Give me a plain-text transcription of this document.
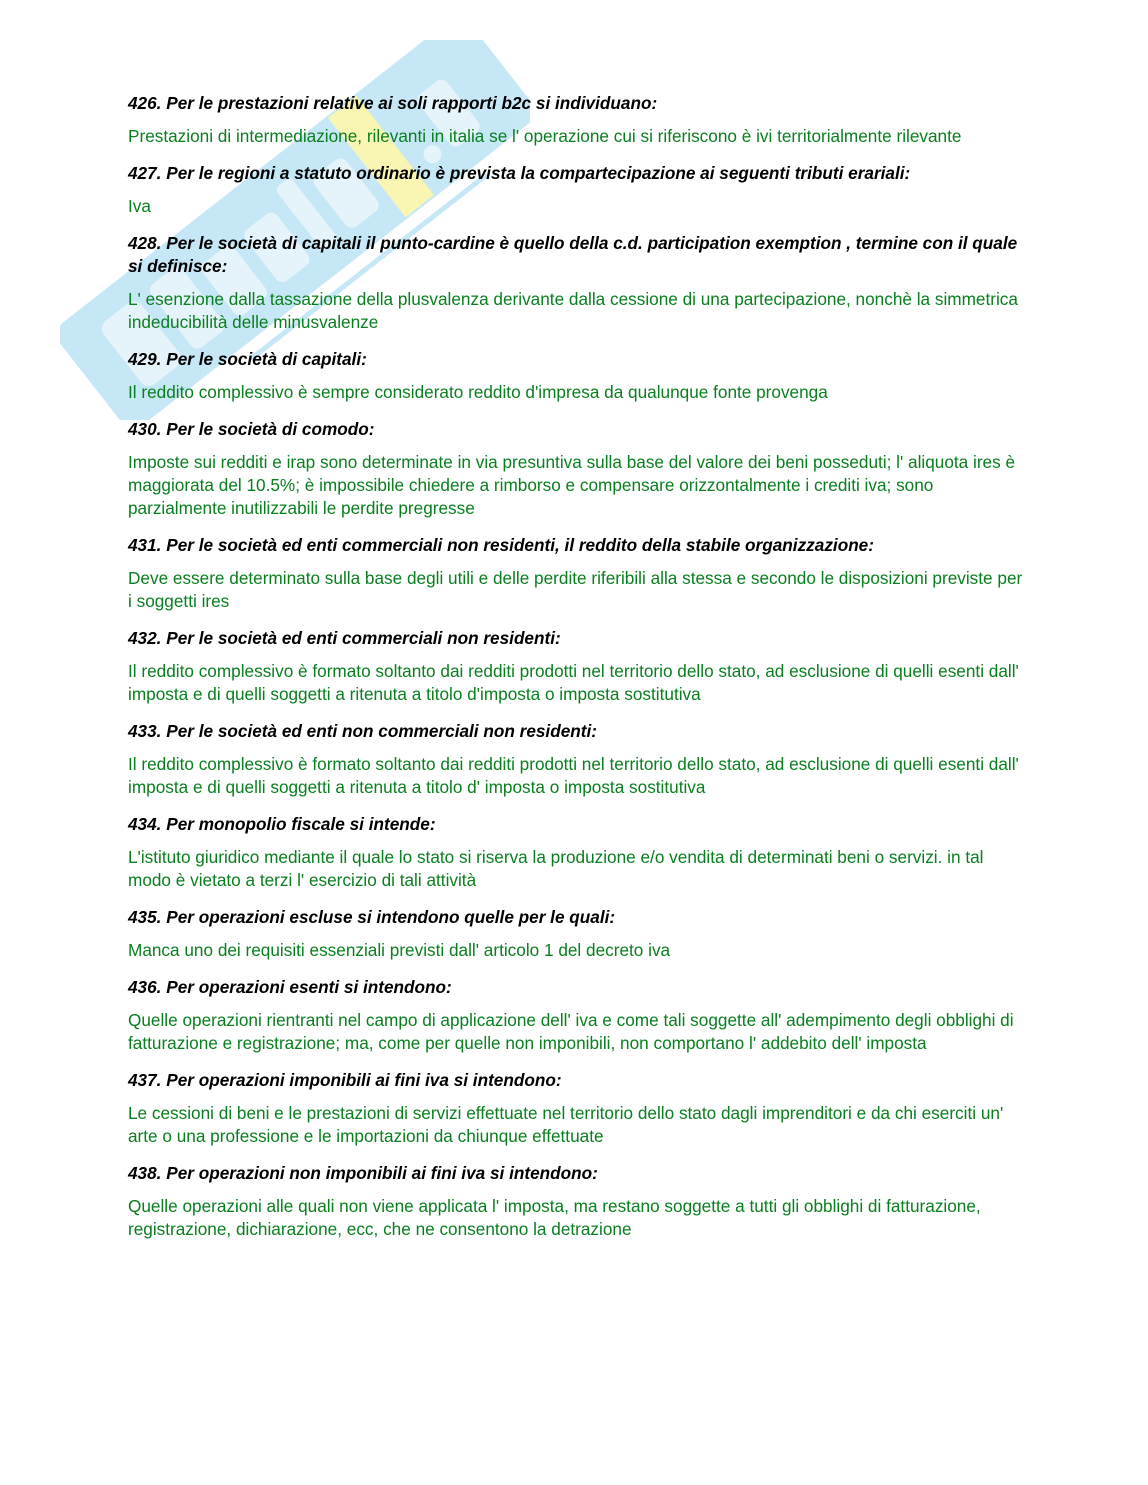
426. Per le prestazioni relative ai soli rapporti b2c si individuano:

Prestazioni di intermediazione, rilevanti in italia se l' operazione cui si riferiscono è ivi territorialmente rilevante

427. Per le regioni a statuto ordinario è prevista la compartecipazione ai seguenti tributi erariali:

Iva

428. Per le società di capitali il punto-cardine è quello della c.d. participation exemption , termine con il quale si definisce:

L' esenzione dalla tassazione della plusvalenza derivante dalla cessione di una partecipazione, nonchè la simmetrica indeducibilità delle minusvalenze

429. Per le società di capitali:

Il reddito complessivo è sempre considerato reddito d'impresa da qualunque fonte provenga

430. Per le società di comodo:

Imposte sui redditi e irap sono determinate in via presuntiva sulla base del valore dei beni posseduti; l' aliquota ires è maggiorata del 10.5%; è impossibile chiedere a rimborso e compensare orizzontalmente i crediti iva; sono parzialmente inutilizzabili le perdite pregresse

431. Per le società ed enti commerciali non residenti, il reddito della stabile organizzazione:

Deve essere determinato sulla base degli utili e delle perdite riferibili alla stessa e secondo le disposizioni previste per i soggetti ires

432. Per le società ed enti commerciali non residenti:

Il reddito complessivo è formato soltanto dai redditi prodotti nel territorio dello stato, ad esclusione di quelli esenti dall' imposta e di quelli soggetti a ritenuta a titolo d'imposta o imposta sostitutiva

433. Per le società ed enti non commerciali non residenti:

Il reddito complessivo è formato soltanto dai redditi prodotti nel territorio dello stato, ad esclusione di quelli esenti dall' imposta e di quelli soggetti a ritenuta a titolo d' imposta o imposta sostitutiva

434. Per monopolio fiscale si intende:

L'istituto giuridico mediante il quale lo stato si riserva la produzione e/o vendita di determinati beni o servizi. in tal modo è vietato a terzi l' esercizio di tali attività

435. Per operazioni escluse si intendono quelle per le quali:

Manca uno dei requisiti essenziali previsti dall' articolo 1 del decreto iva

436. Per operazioni esenti si intendono:

Quelle operazioni rientranti nel campo di applicazione dell' iva e come tali soggette all' adempimento degli obblighi di fatturazione e registrazione; ma, come per quelle non imponibili, non comportano l' addebito dell' imposta

437. Per operazioni imponibili ai fini iva si intendono:

Le cessioni di beni e le prestazioni di servizi effettuate nel territorio dello stato dagli imprenditori e da chi eserciti un' arte o una professione e le importazioni da chiunque effettuate

438. Per operazioni non imponibili ai fini iva si intendono:

Quelle operazioni alle quali non viene applicata l' imposta, ma restano soggette a tutti gli obblighi di fatturazione, registrazione, dichiarazione, ecc, che ne consentono la detrazione
